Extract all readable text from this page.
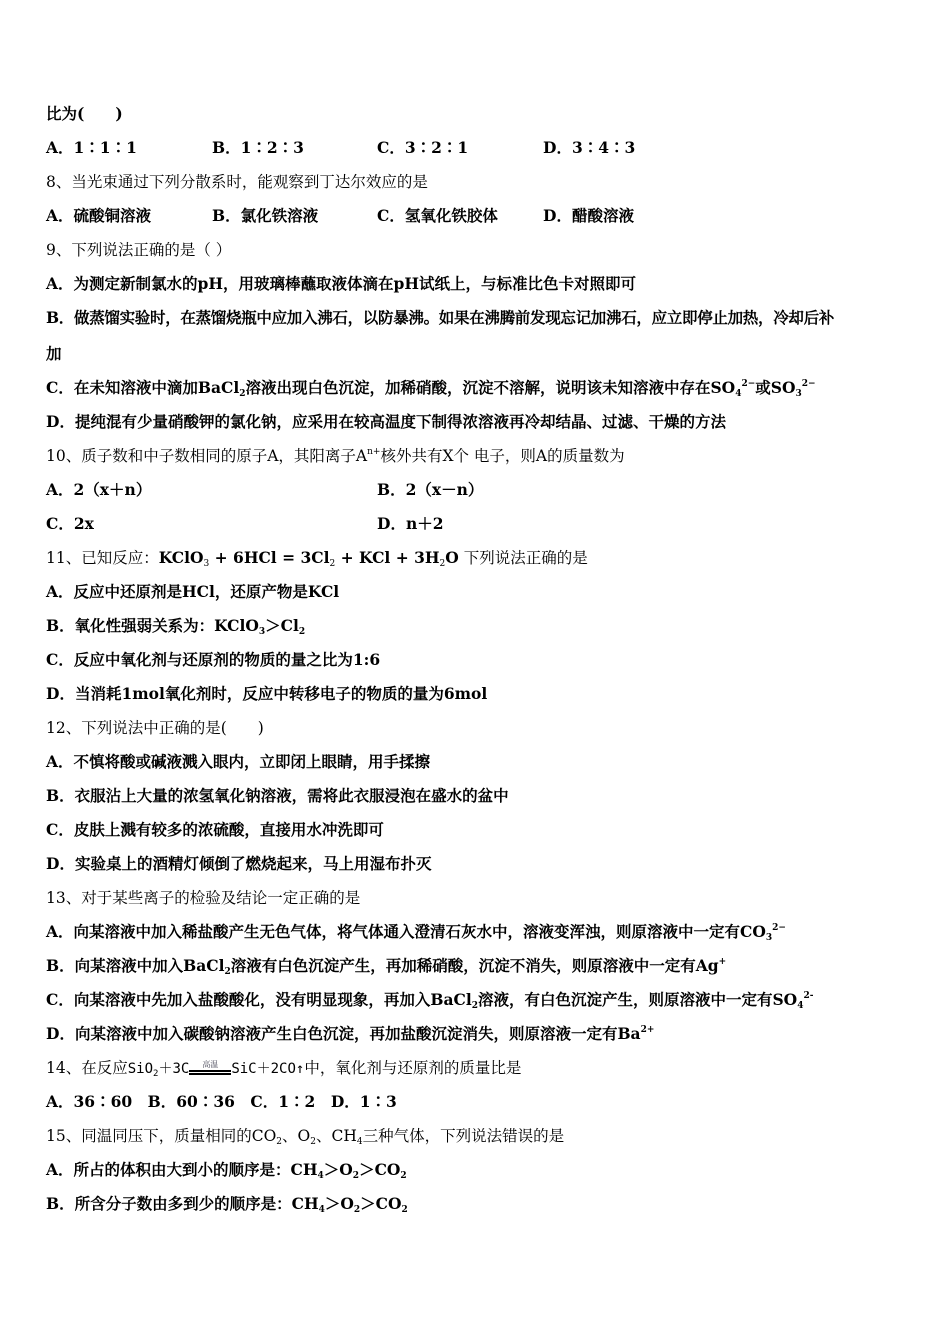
比为(　　)
A．1∶1∶1	B．1∶2∶3	C．3∶2∶1	D．3∶4∶3
8、当光束通过下列分散系时，能观察到丁达尔效应的是
A．硫酸铜溶液	B．氯化铁溶液	C．氢氧化铁胶体	D．醋酸溶液
9、下列说法正确的是（ ）
A．为测定新制氯水的pH，用玻璃棒蘸取液体滴在pH试纸上，与标准比色卡对照即可
B．做蒸馏实验时，在蒸馏烧瓶中应加入沸石，以防暴沸。如果在沸腾前发现忘记加沸石，应立即停止加热，冷却后补
加
C．在未知溶液中滴加BaCl$_2$溶液出现白色沉淀，加稀硝酸，沉淀不溶解，说明该未知溶液中存在$SO_4^{2-}$或$SO_3^{2-}$
D．提纯混有少量硝酸钾的氯化钠，应采用在较高温度下制得浓溶液再冷却结晶、过滤、干燥的方法
10、质子数和中子数相同的原子A，其阳离子$A^{n+}$核外共有X个 电子，则A的质量数为
A．2（x＋n）	B．2（x－n）
C．2x	D．n＋2
11、已知反应：KClO$_3$ + $6HCl = 3Cl_2$ + KCl + $3H_2O$ 下列说法正确的是
A．反应中还原剂是HCl，还原产物是KCl
B．氧化性强弱关系为：$KClO_3>Cl_2$
C．反应中氧化剂与还原剂的物质的量之比为1:6
D．当消耗1mol氧化剂时，反应中转移电子的物质的量为6mol
12、下列说法中正确的是(　　)
A．不慎将酸或碱液溅入眼内，立即闭上眼睛，用手揉擦
B．衣服沾上大量的浓氢氧化钠溶液，需将此衣服浸泡在盛水的盆中
C．皮肤上溅有较多的浓硫酸，直接用水冲洗即可
D．实验桌上的酒精灯倾倒了燃烧起来，马上用湿布扑灭
13、对于某些离子的检验及结论一定正确的是
A．向某溶液中加入稀盐酸产生无色气体，将气体通入澄清石灰水中，溶液变浑浊，则原溶液中一定有$CO_3^{2-}$
B．向某溶液中加入BaCl$_2$溶液有白色沉淀产生，再加稀硝酸，沉淀不消失，则原溶液中一定有Ag+
C．向某溶液中先加入盐酸酸化，没有明显现象，再加入BaCl$_2$溶液，有白色沉淀产生，则原溶液中一定有$SO_4^{2-}$
D．向某溶液中加入碳酸钠溶液产生白色沉淀，再加盐酸沉淀消失，则原溶液一定有$Ba^{2+}$
14、在反应SiO$_2$＋3C	高温 SiC＋2CO↑中，氧化剂与还原剂的质量比是
A．36∶60　B．60∶36　C．1∶2　D．1∶3
15、同温同压下，质量相同的$CO_2$、$O_2$、$CH_4$三种气体，下列说法错误的是
A．所占的体积由大到小的顺序是：$CH_4>O_2>CO_2$
B．所含分子数由多到少的顺序是：$CH_4>O_2>CO_2$
